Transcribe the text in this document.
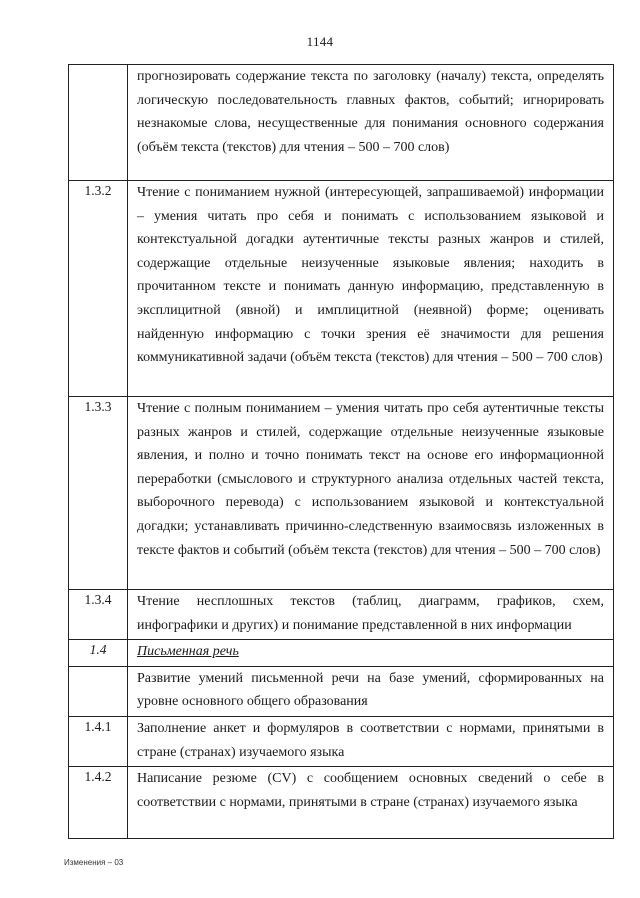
1144
	прогнозировать содержание текста по заголовку (началу) текста, определять логическую последовательность главных фактов, событий; игнорировать незнакомые слова, несущественные для понимания основного содержания (объём текста (текстов) для чтения – 500 – 700 слов)
1.3.2	Чтение с пониманием нужной (интересующей, запрашиваемой) информации – умения читать про себя и понимать с использованием языковой и контекстуальной догадки аутентичные тексты разных жанров и стилей, содержащие отдельные неизученные языковые явления; находить в прочитанном тексте и понимать данную информацию, представленную в эксплицитной (явной) и имплицитной (неявной) форме; оценивать найденную информацию с точки зрения её значимости для решения коммуникативной задачи (объём текста (текстов) для чтения – 500 – 700 слов)
1.3.3	Чтение с полным пониманием – умения читать про себя аутентичные тексты разных жанров и стилей, содержащие отдельные неизученные языковые явления, и полно и точно понимать текст на основе его информационной переработки (смыслового и структурного анализа отдельных частей текста, выборочного перевода) с использованием языковой и контекстуальной догадки; устанавливать причинно-следственную взаимосвязь изложенных в тексте фактов и событий (объём текста (текстов) для чтения – 500 – 700 слов)
1.3.4	Чтение несплошных текстов (таблиц, диаграмм, графиков, схем, инфографики и других) и понимание представленной в них информации
1.4	Письменная речь
	Развитие умений письменной речи на базе умений, сформированных на уровне основного общего образования
1.4.1	Заполнение анкет и формуляров в соответствии с нормами, принятыми в стране (странах) изучаемого языка
1.4.2	Написание резюме (CV) с сообщением основных сведений о себе в соответствии с нормами, принятыми в стране (странах) изучаемого языка
Изменения – 03
